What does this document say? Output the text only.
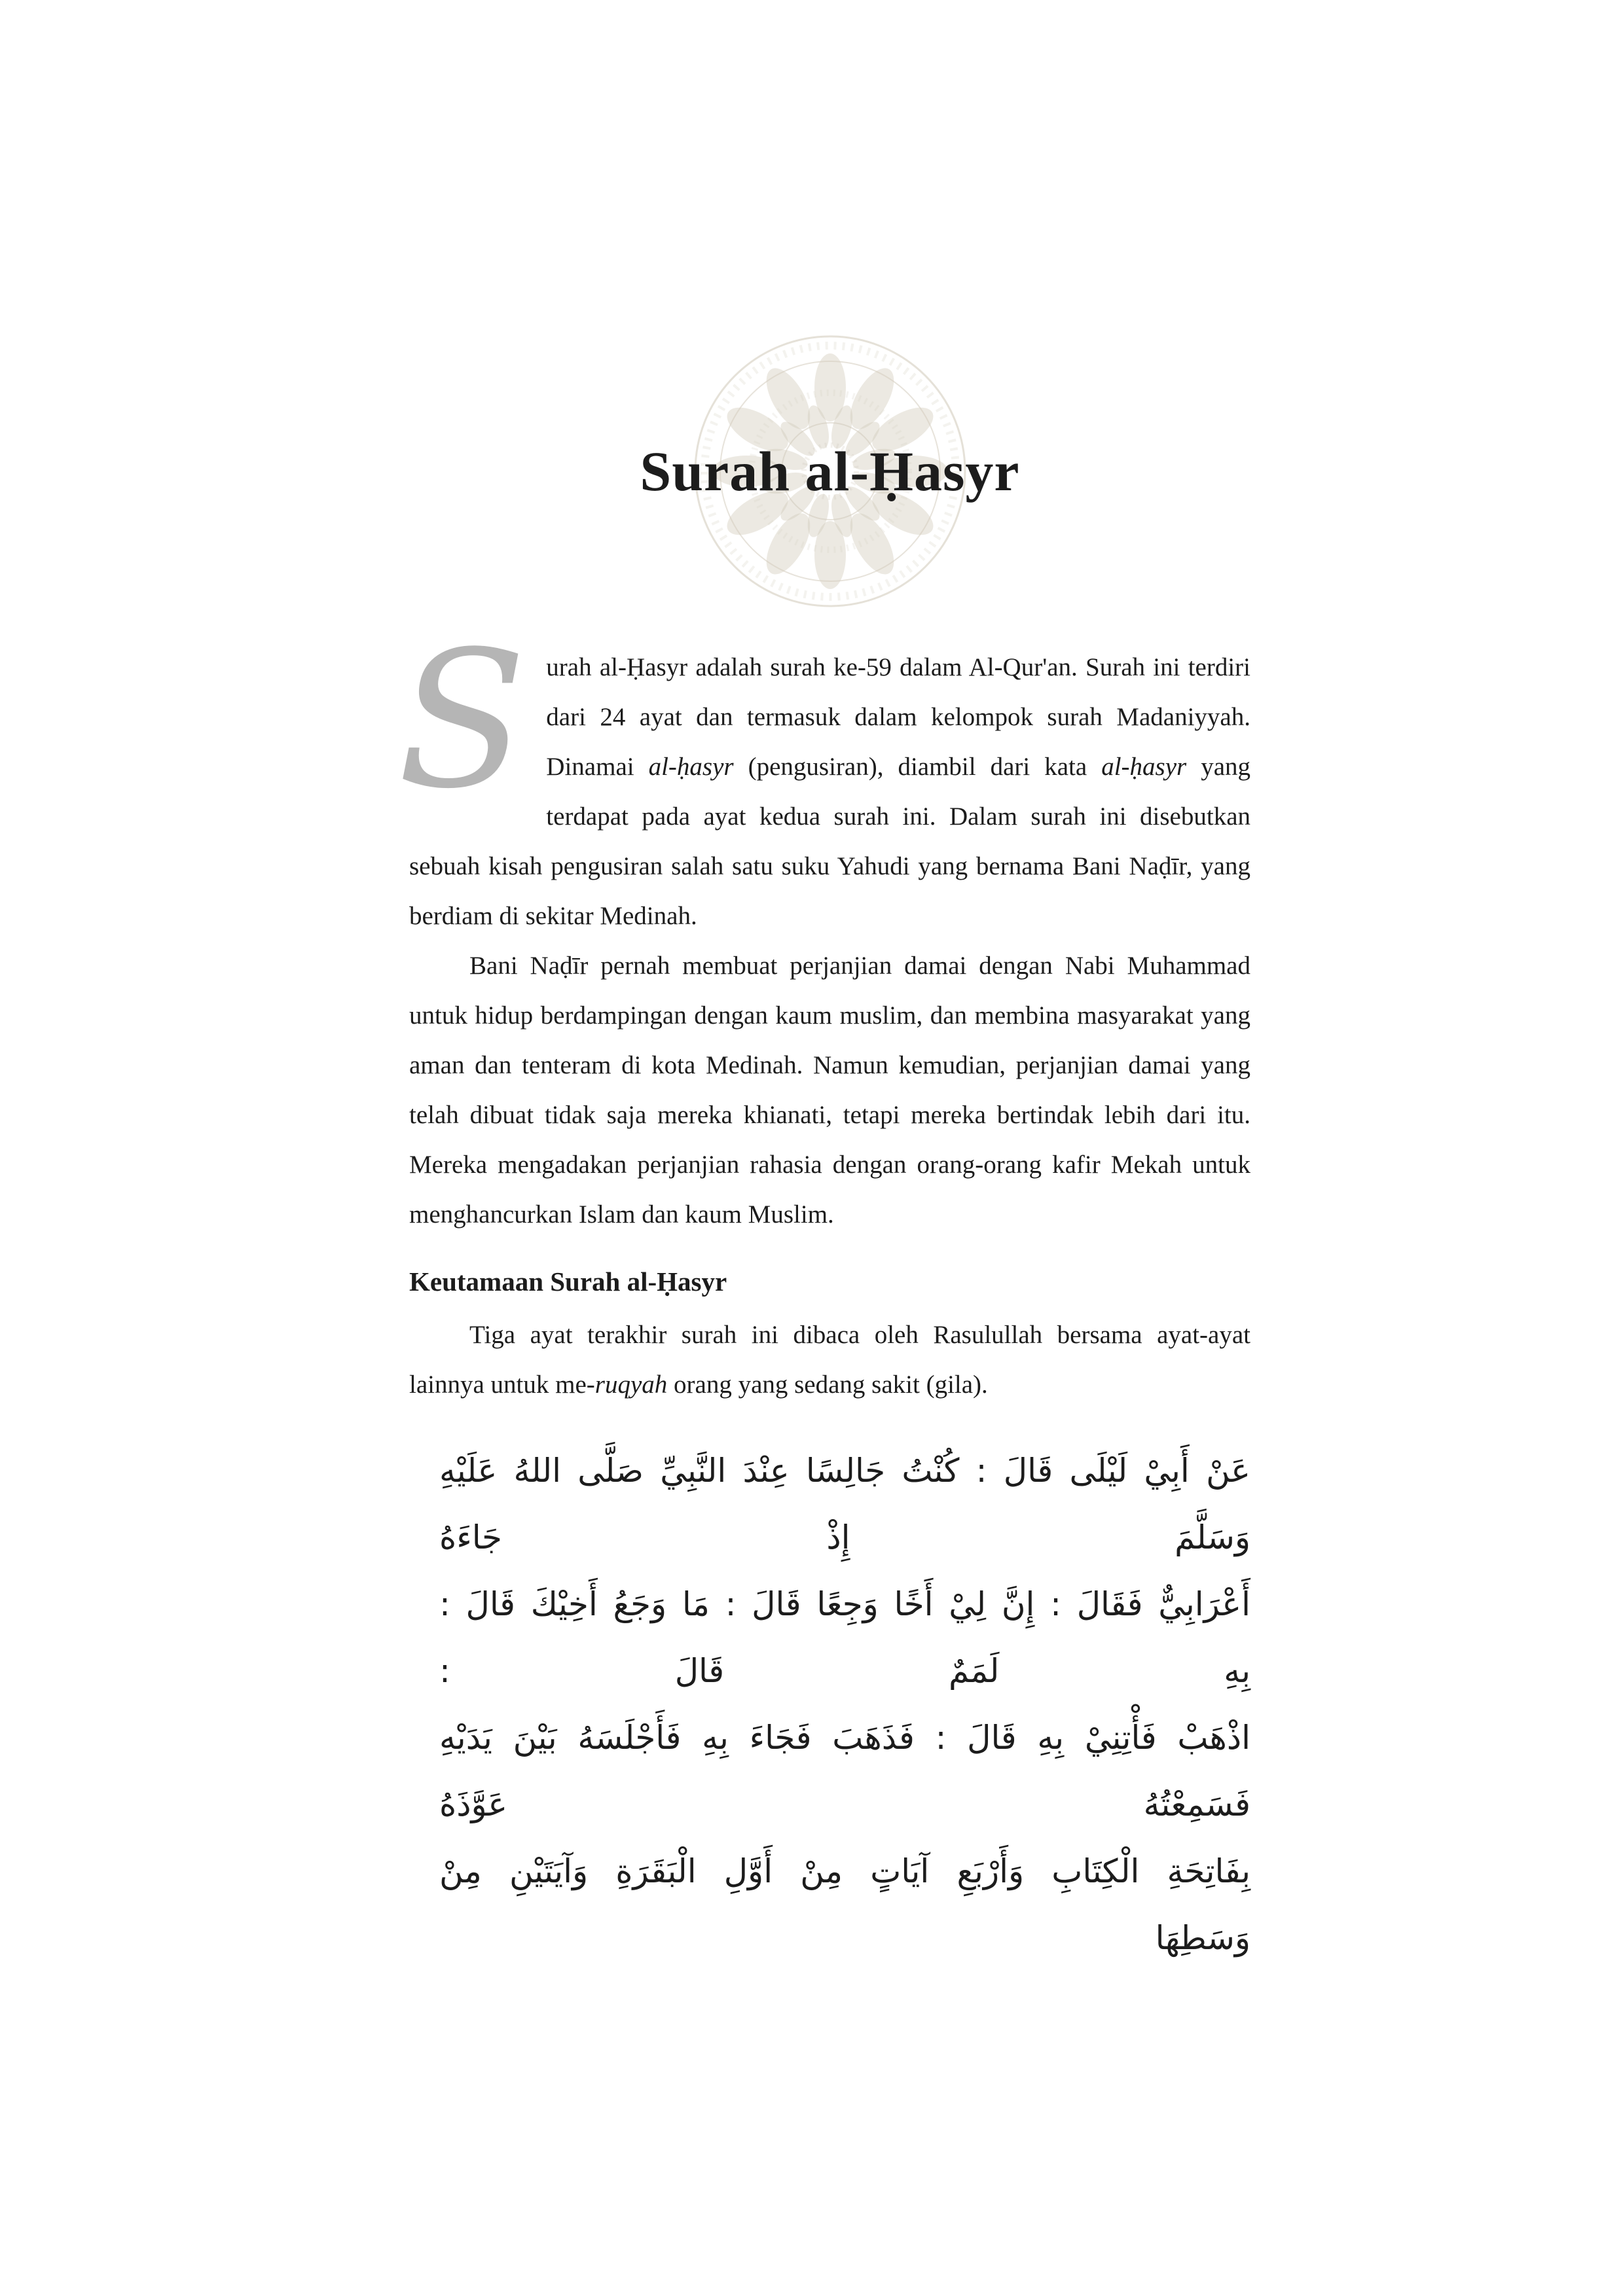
Surah al-Ḥasyr

Surah al-Ḥasyr adalah surah ke-59 dalam Al-Qur'an. Surah ini terdiri dari 24 ayat dan termasuk dalam kelompok surah Madaniyyah. Dinamai al-ḥasyr (pengusiran), diambil dari kata al-ḥasyr yang terdapat pada ayat kedua surah ini. Dalam surah ini disebutkan sebuah kisah pengusiran salah satu suku Yahudi yang bernama Bani Naḍīr, yang berdiam di sekitar Medinah.

Bani Naḍīr pernah membuat perjanjian damai dengan Nabi Muhammad untuk hidup berdampingan dengan kaum muslim, dan membina masyarakat yang aman dan tenteram di kota Medinah. Namun kemudian, perjanjian damai yang telah dibuat tidak saja mereka khianati, tetapi mereka bertindak lebih dari itu. Mereka mengadakan perjanjian rahasia dengan orang-orang kafir Mekah untuk menghancurkan Islam dan kaum Muslim.

Keutamaan Surah al-Ḥasyr

Tiga ayat terakhir surah ini dibaca oleh Rasulullah bersama ayat-ayat lainnya untuk me-ruqyah orang yang sedang sakit (gila).

عَنْ أَبِيْ لَيْلَى قَالَ : كُنْتُ جَالِسًا عِنْدَ النَّبِيِّ صَلَّى اللهُ عَلَيْهِ وَسَلَّمَ إِذْ جَاءَهُ
أَعْرَابِيٌّ فَقَالَ : إِنَّ لِيْ أَخًا وَجِعًا قَالَ : مَا وَجَعُ أَخِيْكَ قَالَ : بِهِ لَمَمٌ قَالَ :
اذْهَبْ فَأْتِنِيْ بِهِ قَالَ : فَذَهَبَ فَجَاءَ بِهِ فَأَجْلَسَهُ بَيْنَ يَدَيْهِ فَسَمِعْتُهُ عَوَّذَهُ
بِفَاتِحَةِ الْكِتَابِ وَأَرْبَعِ آيَاتٍ مِنْ أَوَّلِ الْبَقَرَةِ وَآيَتَيْنِ مِنْ وَسَطِهَا
